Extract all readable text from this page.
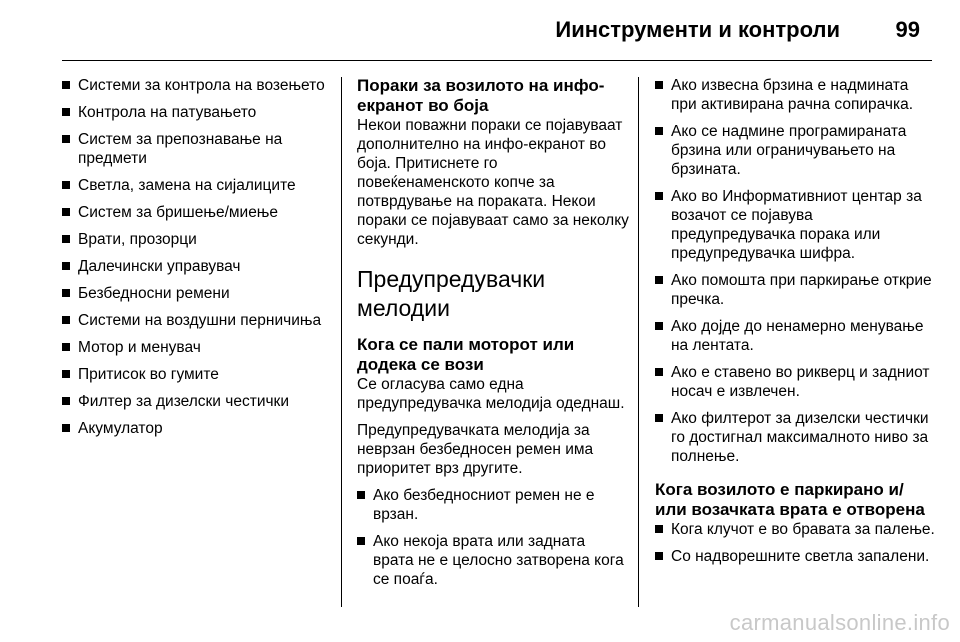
Иинструменти и контроли	99
Системи за контрола на возењето
Контрола на патувањето
Систем за препознавање на предмети
Светла, замена на сијалиците
Систем за бришење/миење
Врати, прозорци
Далечински управувач
Безбедносни ремени
Системи на воздушни перничиња
Мотор и менувач
Притисок во гумите
Филтер за дизелски честички
Акумулатор
Пораки за возилото на инфо-екранот во боја

Некои поважни пораки се појавуваат дополнително на инфо-екранот во боја. Притиснете го повеќенаменското копче за потврдување на пораката. Некои пораки се појавуваат само за неколку секунди.

Предупредувачки мелодии
Кога се пали моторот или додека се вози

Се огласува само една предупредувачка мелодија одеднаш.

Предупредувачката мелодија за неврзан безбедносен ремен има приоритет врз другите.

Ако безбедносниот ремен не е врзан.
Ако некоја врата или задната врата не е целосно затворена кога се поаѓа.
Ако извесна брзина е надмината при активирана рачна сопирачка.
Ако се надмине програмираната брзина или ограничувањето на брзината.
Ако во Информативниот центар за возачот се појавува предупредувачка порака или предупредувачка шифра.
Ако помошта при паркирање открие пречка.
Ако дојде до ненамерно менување на лентата.
Ако е ставено во рикверц и задниот носач е извлечен.
Ако филтерот за дизелски честички го достигнал максималното ниво за полнење.
Кога возилото е паркирано и/или возачката врата е отворена
Кога клучот е во бравата за палење.
Со надворешните светла запалени.
carmanualsonline.info
